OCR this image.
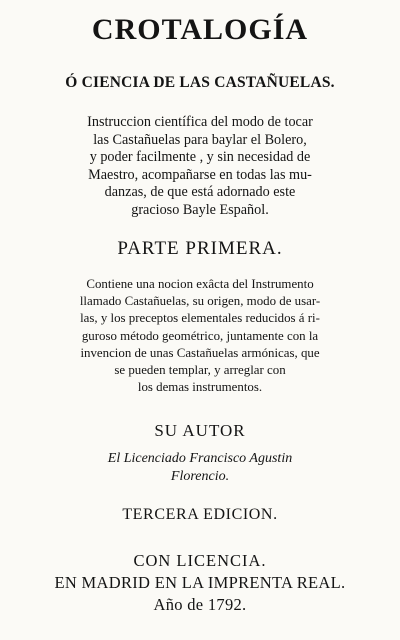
CROTALOGÍA
Ó CIENCIA DE LAS CASTAÑUELAS.
Instruccion científica del modo de tocar
las Castañuelas para baylar el Bolero,
y poder facilmente , y sin necesidad de
Maestro, acompañarse en todas las mu-
danzas, de que está adornado este
gracioso Bayle Español.
PARTE PRIMERA.
Contiene una nocion exâcta del Instrumento
llamado Castañuelas, su origen, modo de usar-
las, y los preceptos elementales reducidos á ri-
guroso método geométrico, juntamente con la
invencion de unas Castañuelas armónicas, que
se pueden templar, y arreglar con
los demas instrumentos.
SU AUTOR
El Licenciado Francisco Agustin
Florencio.
TERCERA EDICION.
CON LICENCIA.
EN MADRID EN LA IMPRENTA REAL.
Año de 1792.
